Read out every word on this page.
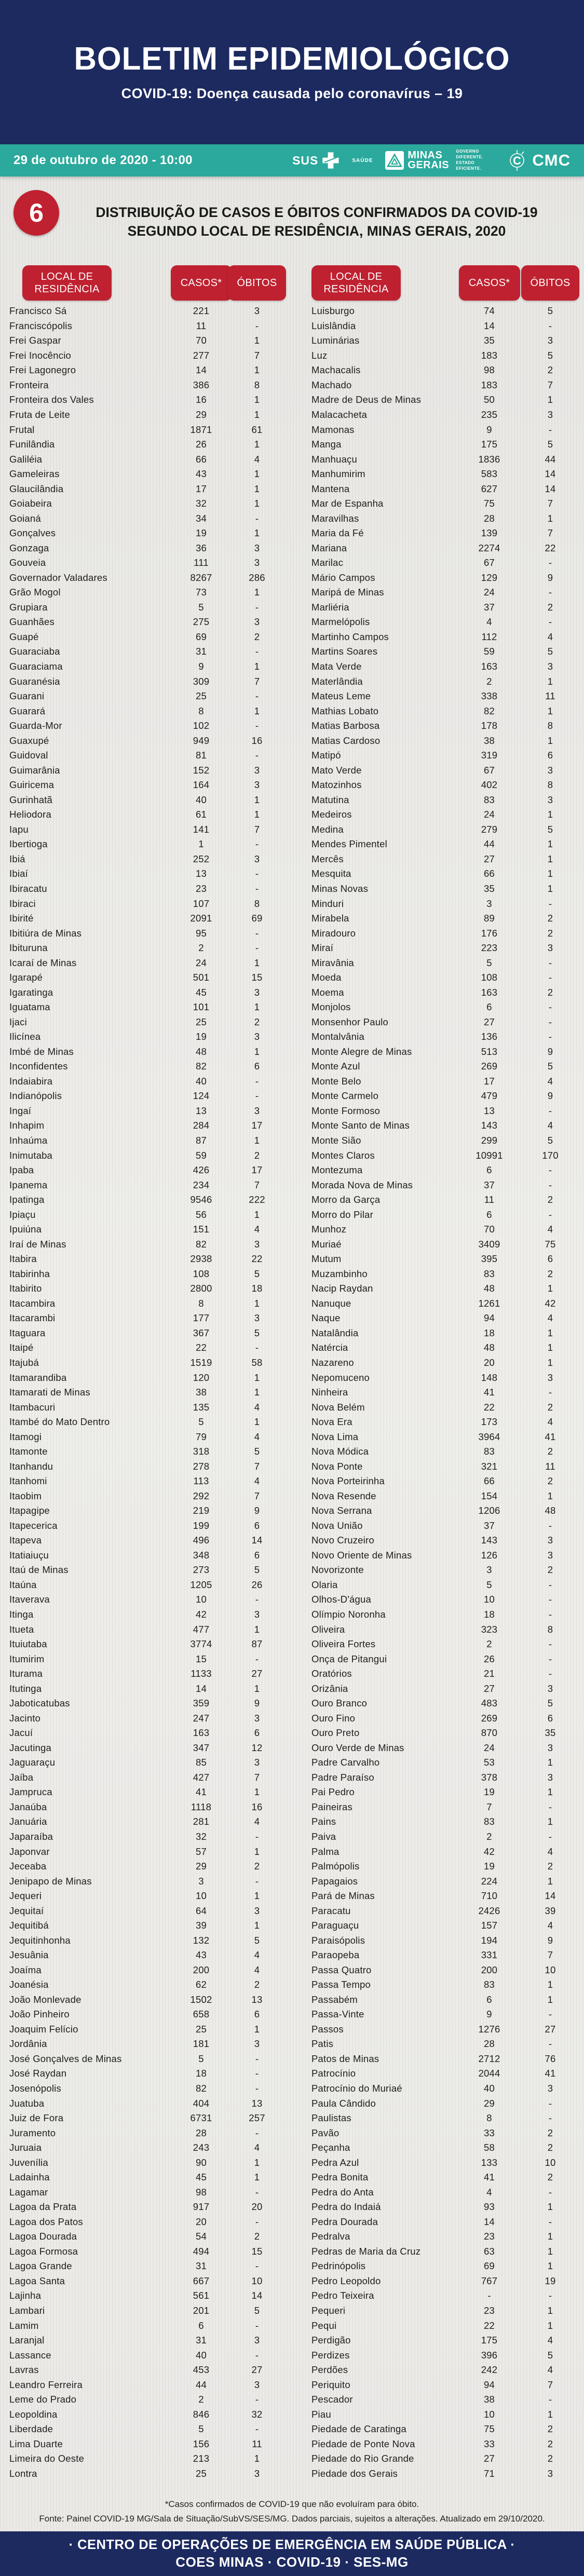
BOLETIM EPIDEMIOLÓGICO
COVID-19: Doença causada pelo coronavírus – 19
29 de outubro de 2020 - 10:00	SUS	SAÚDE	MINAS GERAIS
GOVERNO DIFERENTE. ESTADO EFICIENTE.
C CMC
6	DISTRIBUIÇÃO DE CASOS E ÓBITOS CONFIRMADOS DA COVID-19 SEGUNDO LOCAL DE RESIDÊNCIA, MINAS GERAIS, 2020
LOCAL DE RESIDÊNCIA
CASOS*	ÓBITOS
LOCAL DE RESIDÊNCIA
CASOS*	ÓBITOS
Francisco Sá	221	3
Franciscópolis	11	-
Frei Gaspar	70	1
Frei Inocêncio	277	7
Frei Lagonegro	14	1
Fronteira	386	8
Fronteira dos Vales	16	1
Fruta de Leite	29	1
Frutal	1871	61
Funilândia	26	1
Galiléia	66	4
Gameleiras	43	1
Glaucilândia	17	1
Goiabeira	32	1
Goianá	34	-
Gonçalves	19	1
Gonzaga	36	3
Gouveia	111	3
Governador Valadares	8267	286
Grão Mogol	73	1
Grupiara	5	-
Guanhães	275	3
Guapé	69	2
Guaraciaba	31	-
Guaraciama	9	1
Guaranésia	309	7
Guarani	25	-
Guarará	8	1
Guarda-Mor	102	-
Guaxupé	949	16
Guidoval	81	-
Guimarânia	152	3
Guiricema	164	3
Gurinhatã	40	1
Heliodora	61	1
Iapu	141	7
Ibertioga	1	-
Ibiá	252	3
Ibiaí	13	-
Ibiracatu	23	-
Ibiraci	107	8
Ibirité	2091	69
Ibitiúra de Minas	95	-
Ibituruna	2	-
Icaraí de Minas	24	1
Igarapé	501	15
Igaratinga	45	3
Iguatama	101	1
Ijaci	25	2
Ilicínea	19	3
Imbé de Minas	48	1
Inconfidentes	82	6
Indaiabira	40	-
Indianópolis	124	-
Ingaí	13	3
Inhapim	284	17
Inhaúma	87	1
Inimutaba	59	2
Ipaba	426	17
Ipanema	234	7
Ipatinga	9546	222
Ipiaçu	56	1
Ipuiúna	151	4
Iraí de Minas	82	3
Itabira	2938	22
Itabirinha	108	5
Itabirito	2800	18
Itacambira	8	1
Itacarambi	177	3
Itaguara	367	5
Itaipé	22	-
Itajubá	1519	58
Itamarandiba	120	1
Itamarati de Minas	38	1
Itambacuri	135	4
Itambé do Mato Dentro	5	1
Itamogi	79	4
Itamonte	318	5
Itanhandu	278	7
Itanhomi	113	4
Itaobim	292	7
Itapagipe	219	9
Itapecerica	199	6
Itapeva	496	14
Itatiaiuçu	348	6
Itaú de Minas	273	5
Itaúna	1205	26
Itaverava	10	-
Itinga	42	3
Itueta	477	1
Ituiutaba	3774	87
Itumirim	15	-
Iturama	1133	27
Itutinga	14	1
Jaboticatubas	359	9
Jacinto	247	3
Jacuí	163	6
Jacutinga	347	12
Jaguaraçu	85	3
Jaíba	427	7
Jampruca	41	1
Janaúba	1118	16
Januária	281	4
Japaraíba	32	-
Japonvar	57	1
Jeceaba	29	2
Jenipapo de Minas	3	-
Jequeri	10	1
Jequitaí	64	3
Jequitibá	39	1
Jequitinhonha	132	5
Jesuânia	43	4
Joaíma	200	4
Joanésia	62	2
João Monlevade	1502	13
João Pinheiro	658	6
Joaquim Felício	25	1
Jordânia	181	3
José Gonçalves de Minas	5	-
José Raydan	18	-
Josenópolis	82	-
Juatuba	404	13
Juiz de Fora	6731	257
Juramento	28	-
Juruaia	243	4
Juvenília	90	1
Ladainha	45	1
Lagamar	98	-
Lagoa da Prata	917	20
Lagoa dos Patos	20	-
Lagoa Dourada	54	2
Lagoa Formosa	494	15
Lagoa Grande	31	-
Lagoa Santa	667	10
Lajinha	561	14
Lambari	201	5
Lamim	6	-
Laranjal	31	3
Lassance	40	-
Lavras	453	27
Leandro Ferreira	44	3
Leme do Prado	2	-
Leopoldina	846	32
Liberdade	5	-
Lima Duarte	156	11
Limeira do Oeste	213	1
Lontra	25	3
Luisburgo	74	5
Luislândia	14	-
Luminárias	35	3
Luz	183	5
Machacalis	98	2
Machado	183	7
Madre de Deus de Minas	50	1
Malacacheta	235	3
Mamonas	9	-
Manga	175	5
Manhuaçu	1836	44
Manhumirim	583	14
Mantena	627	14
Mar de Espanha	75	7
Maravilhas	28	1
Maria da Fé	139	7
Mariana	2274	22
Marilac	67	-
Mário Campos	129	9
Maripá de Minas	24	-
Marliéria	37	2
Marmelópolis	4	-
Martinho Campos	112	4
Martins Soares	59	5
Mata Verde	163	3
Materlândia	2	1
Mateus Leme	338	11
Mathias Lobato	82	1
Matias Barbosa	178	8
Matias Cardoso	38	1
Matipó	319	6
Mato Verde	67	3
Matozinhos	402	8
Matutina	83	3
Medeiros	24	1
Medina	279	5
Mendes Pimentel	44	1
Mercês	27	1
Mesquita	66	1
Minas Novas	35	1
Minduri	3	-
Mirabela	89	2
Miradouro	176	2
Miraí	223	3
Miravânia	5	-
Moeda	108	-
Moema	163	2
Monjolos	6	-
Monsenhor Paulo	27	-
Montalvânia	136	-
Monte Alegre de Minas	513	9
Monte Azul	269	5
Monte Belo	17	4
Monte Carmelo	479	9
Monte Formoso	13	-
Monte Santo de Minas	143	4
Monte Sião	299	5
Montes Claros	10991	170
Montezuma	6	-
Morada Nova de Minas	37	-
Morro da Garça	11	2
Morro do Pilar	6	-
Munhoz	70	4
Muriaé	3409	75
Mutum	395	6
Muzambinho	83	2
Nacip Raydan	48	1
Nanuque	1261	42
Naque	94	4
Natalândia	18	1
Natércia	48	1
Nazareno	20	1
Nepomuceno	148	3
Ninheira	41	-
Nova Belém	22	2
Nova Era	173	4
Nova Lima	3964	41
Nova Módica	83	2
Nova Ponte	321	11
Nova Porteirinha	66	2
Nova Resende	154	1
Nova Serrana	1206	48
Nova União	37	-
Novo Cruzeiro	143	3
Novo Oriente de Minas	126	3
Novorizonte	3	2
Olaria	5	-
Olhos-D'água	10	-
Olímpio Noronha	18	-
Oliveira	323	8
Oliveira Fortes	2	-
Onça de Pitangui	26	-
Oratórios	21	-
Orizânia	27	3
Ouro Branco	483	5
Ouro Fino	269	6
Ouro Preto	870	35
Ouro Verde de Minas	24	3
Padre Carvalho	53	1
Padre Paraíso	378	3
Pai Pedro	19	1
Paineiras	7	-
Pains	83	1
Paiva	2	-
Palma	42	4
Palmópolis	19	2
Papagaios	224	1
Pará de Minas	710	14
Paracatu	2426	39
Paraguaçu	157	4
Paraisópolis	194	9
Paraopeba	331	7
Passa Quatro	200	10
Passa Tempo	83	1
Passabém	6	1
Passa-Vinte	9	-
Passos	1276	27
Patis	28	-
Patos de Minas	2712	76
Patrocínio	2044	41
Patrocínio do Muriaé	40	3
Paula Cândido	29	-
Paulistas	8	-
Pavão	33	2
Peçanha	58	2
Pedra Azul	133	10
Pedra Bonita	41	2
Pedra do Anta	4	-
Pedra do Indaiá	93	1
Pedra Dourada	14	-
Pedralva	23	1
Pedras de Maria da Cruz	63	1
Pedrinópolis	69	1
Pedro Leopoldo	767	19
Pedro Teixeira	-	-
Pequeri	23	1
Pequi	22	1
Perdigão	175	4
Perdizes	396	5
Perdões	242	4
Periquito	94	7
Pescador	38	-
Piau	10	1
Piedade de Caratinga	75	2
Piedade de Ponte Nova	33	2
Piedade do Rio Grande	27	2
Piedade dos Gerais	71	3
*Casos confirmados de COVID-19 que não evoluíram para óbito.
Fonte: Painel COVID-19 MG/Sala de Situação/SubVS/SES/MG. Dados parciais, sujeitos a alterações. Atualizado em 29/10/2020.
· CENTRO DE OPERAÇÕES DE EMERGÊNCIA EM SAÚDE PÚBLICA ·
COES MINAS · COVID-19 · SES-MG
